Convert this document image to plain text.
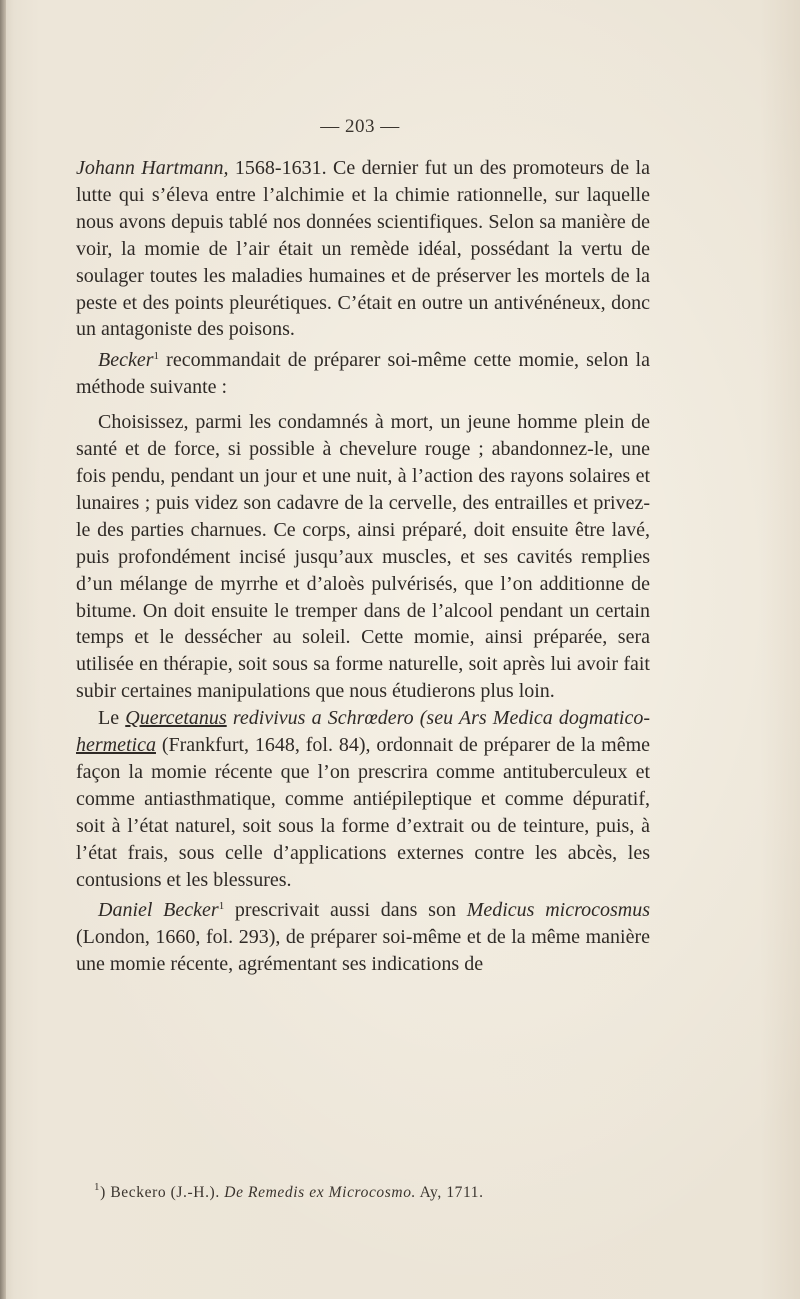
— 203 —

Johann Hartmann, 1568-1631. Ce dernier fut un des promoteurs de la lutte qui s’éleva entre l’alchimie et la chimie rationnelle, sur laquelle nous avons depuis tablé nos données scientifiques. Selon sa manière de voir, la momie de l’air était un remède idéal, possédant la vertu de soulager toutes les maladies humaines et de préserver les mortels de la peste et des points pleurétiques. C’était en outre un antivénéneux, donc un antagoniste des poisons.

Becker$^1$ recommandait de préparer soi-même cette momie, selon la méthode suivante :

Choisissez, parmi les condamnés à mort, un jeune homme plein de santé et de force, si possible à chevelure rouge ; abandonnez-le, une fois pendu, pendant un jour et une nuit, à l’action des rayons solaires et lunaires ; puis videz son cadavre de la cervelle, des entrailles et privez-le des parties charnues. Ce corps, ainsi préparé, doit ensuite être lavé, puis profondément incisé jusqu’aux muscles, et ses cavités remplies d’un mélange de myrrhe et d’aloès pulvérisés, que l’on additionne de bitume. On doit ensuite le tremper dans de l’alcool pendant un certain temps et le dessécher au soleil. Cette momie, ainsi préparée, sera utilisée en thérapie, soit sous sa forme naturelle, soit après lui avoir fait subir certaines manipulations que nous étudierons plus loin.

Le Quercetanus redivivus a Schrœdero (seu Ars Medica dogmatico-hermetica (Frankfurt, 1648, fol. 84), ordonnait de préparer de la même façon la momie récente que l’on prescrira comme antituberculeux et comme antiasthmatique, comme antiépileptique et comme dépuratif, soit à l’état naturel, soit sous la forme d’extrait ou de teinture, puis, à l’état frais, sous celle d’applications externes contre les abcès, les contusions et les blessures.

Daniel Becker$^1$ prescrivait aussi dans son Medicus microcosmus (London, 1660, fol. 293), de préparer soi-même et de la même manière une momie récente, agrémentant ses indications de

$^1$) Beckero (J.-H.). De Remedis ex Microcosmo. Ay, 1711.
